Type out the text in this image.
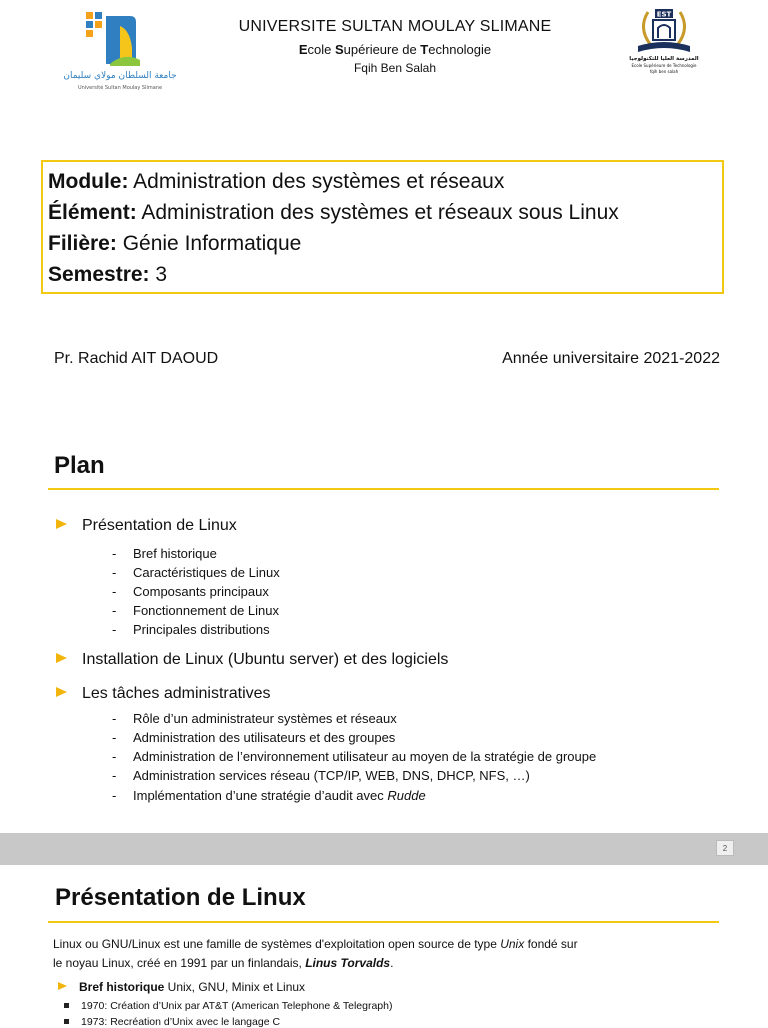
جامعة السلطان مولاي سليمان
Université Sultan Moulay Slimane
UNIVERSITE SULTAN MOULAY SLIMANE
Ecole Supérieure de Technologie
Fqih Ben Salah
EST
المدرسة العليا للتكنولوجيا
Ecole Supérieure de Technologie
fqih ben salah
Module: Administration des systèmes et réseaux
Élément: Administration des systèmes et réseaux sous Linux
Filière: Génie Informatique
Semestre: 3
Pr. Rachid AIT DAOUD	Année universitaire 2021-2022
Plan
Présentation de Linux
- Bref historique
- Caractéristiques de Linux
- Composants principaux
- Fonctionnement de Linux
- Principales distributions
Installation de Linux (Ubuntu server) et des logiciels
Les tâches administratives
- Rôle d’un administrateur systèmes et réseaux
- Administration des utilisateurs et des groupes
- Administration de l’environnement utilisateur au moyen de la stratégie de groupe
- Administration services réseau (TCP/IP, WEB, DNS, DHCP, NFS, …)
- Implémentation d’une stratégie d’audit avec Rudde
2
Présentation de Linux
Linux ou GNU/Linux est une famille de systèmes d'exploitation open source de type Unix fondé sur
le noyau Linux, créé en 1991 par un finlandais, Linus Torvalds.
Bref historique Unix, GNU, Minix et Linux
1970: Création d’Unix par AT&T (American Telephone & Telegraph)
1973: Recréation d’Unix avec le langage C
